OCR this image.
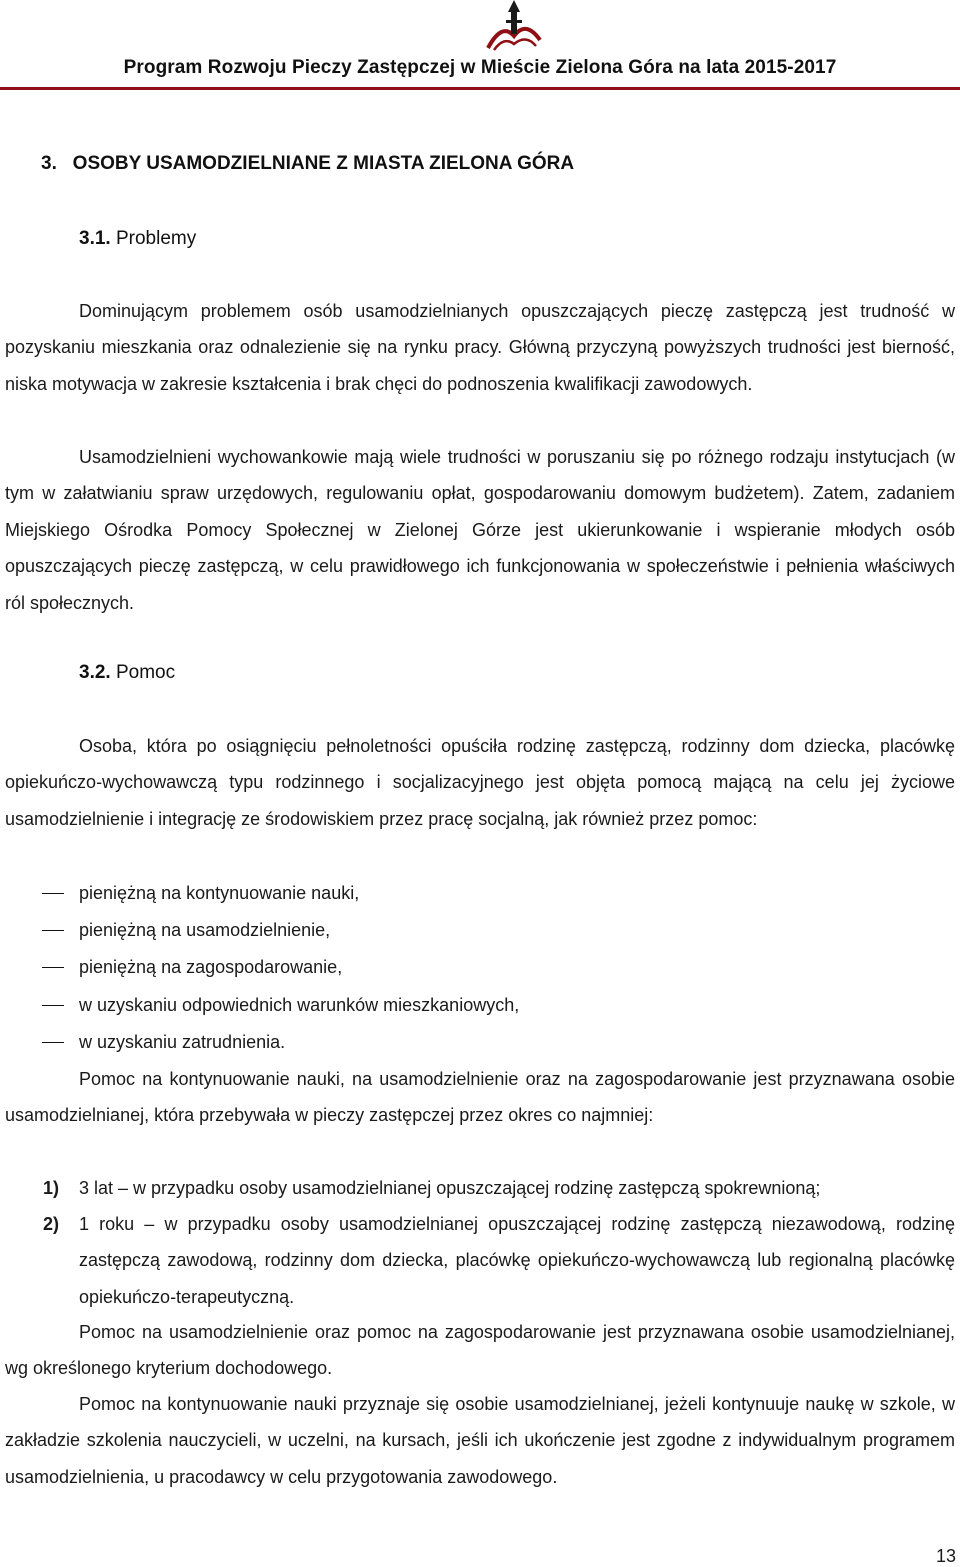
Program Rozwoju Pieczy Zastępczej w Mieście Zielona Góra na lata 2015-2017
3.   OSOBY USAMODZIELNIANE Z MIASTA ZIELONA GÓRA
3.1. Problemy

Dominującym problemem osób usamodzielnianych opuszczających pieczę zastępczą jest trudność w pozyskaniu mieszkania oraz odnalezienie się na rynku pracy. Główną przyczyną powyższych trudności jest bierność, niska motywacja w zakresie kształcenia i brak chęci do podnoszenia kwalifikacji zawodowych.

Usamodzielnieni wychowankowie mają wiele trudności w poruszaniu się po różnego rodzaju instytucjach (w tym w załatwianiu spraw urzędowych, regulowaniu opłat, gospodarowaniu domowym budżetem). Zatem, zadaniem Miejskiego Ośrodka Pomocy Społecznej w Zielonej Górze jest ukierunkowanie i wspieranie młodych osób opuszczających pieczę zastępczą, w celu prawidłowego ich funkcjonowania w społeczeństwie i pełnienia właściwych ról społecznych.

3.2. Pomoc

Osoba, która po osiągnięciu pełnoletności opuściła rodzinę zastępczą, rodzinny dom dziecka, placówkę opiekuńczo-wychowawczą typu rodzinnego i socjalizacyjnego jest objęta pomocą mającą na celu jej życiowe usamodzielnienie i integrację ze środowiskiem przez pracę socjalną, jak również przez pomoc:

pieniężną na kontynuowanie nauki,
pieniężną na usamodzielnienie,
pieniężną na zagospodarowanie,
w uzyskaniu odpowiednich warunków mieszkaniowych,
w uzyskaniu zatrudnienia.

Pomoc na kontynuowanie nauki, na usamodzielnienie oraz na zagospodarowanie jest przyznawana osobie usamodzielnianej, która przebywała w pieczy zastępczej przez okres co najmniej:

1) 3 lat – w przypadku osoby usamodzielnianej opuszczającej rodzinę zastępczą spokrewnioną;

2) 1 roku – w przypadku osoby usamodzielnianej opuszczającej rodzinę zastępczą niezawodową, rodzinę zastępczą zawodową, rodzinny dom dziecka, placówkę opiekuńczo-wychowawczą lub regionalną placówkę opiekuńczo-terapeutyczną.

Pomoc na usamodzielnienie oraz pomoc na zagospodarowanie jest przyznawana osobie usamodzielnianej, wg określonego kryterium dochodowego.

Pomoc na kontynuowanie nauki przyznaje się osobie usamodzielnianej, jeżeli kontynuuje naukę w szkole, w zakładzie szkolenia nauczycieli, w uczelni, na kursach, jeśli ich ukończenie jest zgodne z indywidualnym programem usamodzielnienia, u pracodawcy w celu przygotowania zawodowego.

13
